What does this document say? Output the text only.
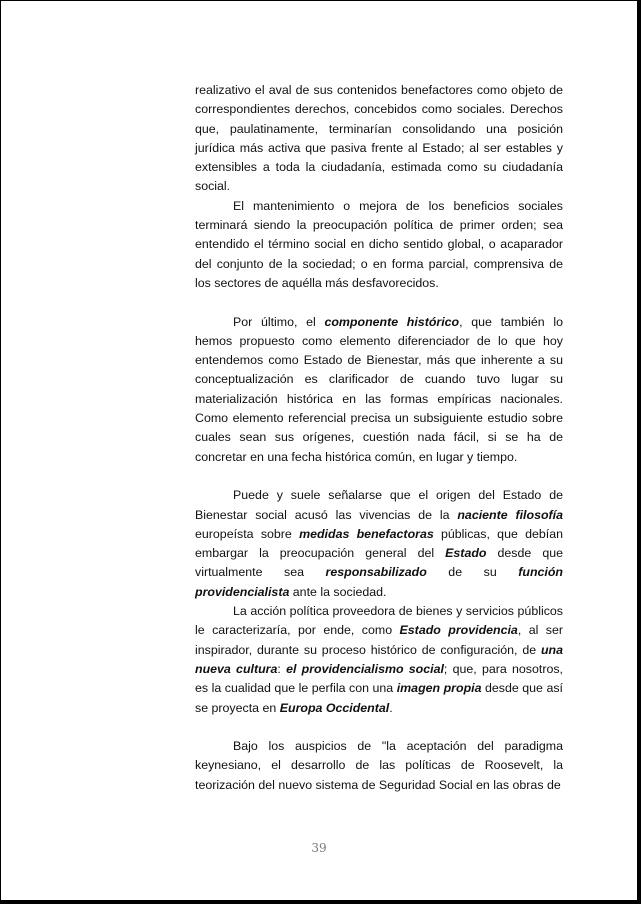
realizativo el aval de sus contenidos benefactores como objeto de correspondientes derechos, concebidos como sociales. Derechos que, paulatinamente, terminarían consolidando una posición jurídica más activa que pasiva frente al Estado; al ser estables y extensibles a toda la ciudadanía, estimada como su ciudadanía social.

El mantenimiento o mejora de los beneficios sociales terminará siendo la preocupación política de primer orden; sea entendido el término social en dicho sentido global, o acaparador del conjunto de la sociedad; o en forma parcial, comprensiva de los sectores de aquélla más desfavorecidos.

Por último, el componente histórico, que también lo hemos propuesto como elemento diferenciador de lo que hoy entendemos como Estado de Bienestar, más que inherente a su conceptualización es clarificador de cuando tuvo lugar su materialización histórica en las formas empíricas nacionales. Como elemento referencial precisa un subsiguiente estudio sobre cuales sean sus orígenes, cuestión nada fácil, si se ha de concretar en una fecha histórica común, en lugar y tiempo.

Puede y suele señalarse que el origen del Estado de Bienestar social acusó las vivencias de la naciente filosofía europeísta sobre medidas benefactoras públicas, que debían embargar la preocupación general del Estado desde que virtualmente sea responsabilizado de su función providencialista ante la sociedad.

La acción política proveedora de bienes y servicios públicos le caracterizaría, por ende, como Estado providencia, al ser inspirador, durante su proceso histórico de configuración, de una nueva cultura: el providencialismo social; que, para nosotros, es la cualidad que le perfila con una imagen propia desde que así se proyecta en Europa Occidental.

Bajo los auspicios de "la aceptación del paradigma keynesiano, el desarrollo de las políticas de Roosevelt, la teorización del nuevo sistema de Seguridad Social en las obras de

39
